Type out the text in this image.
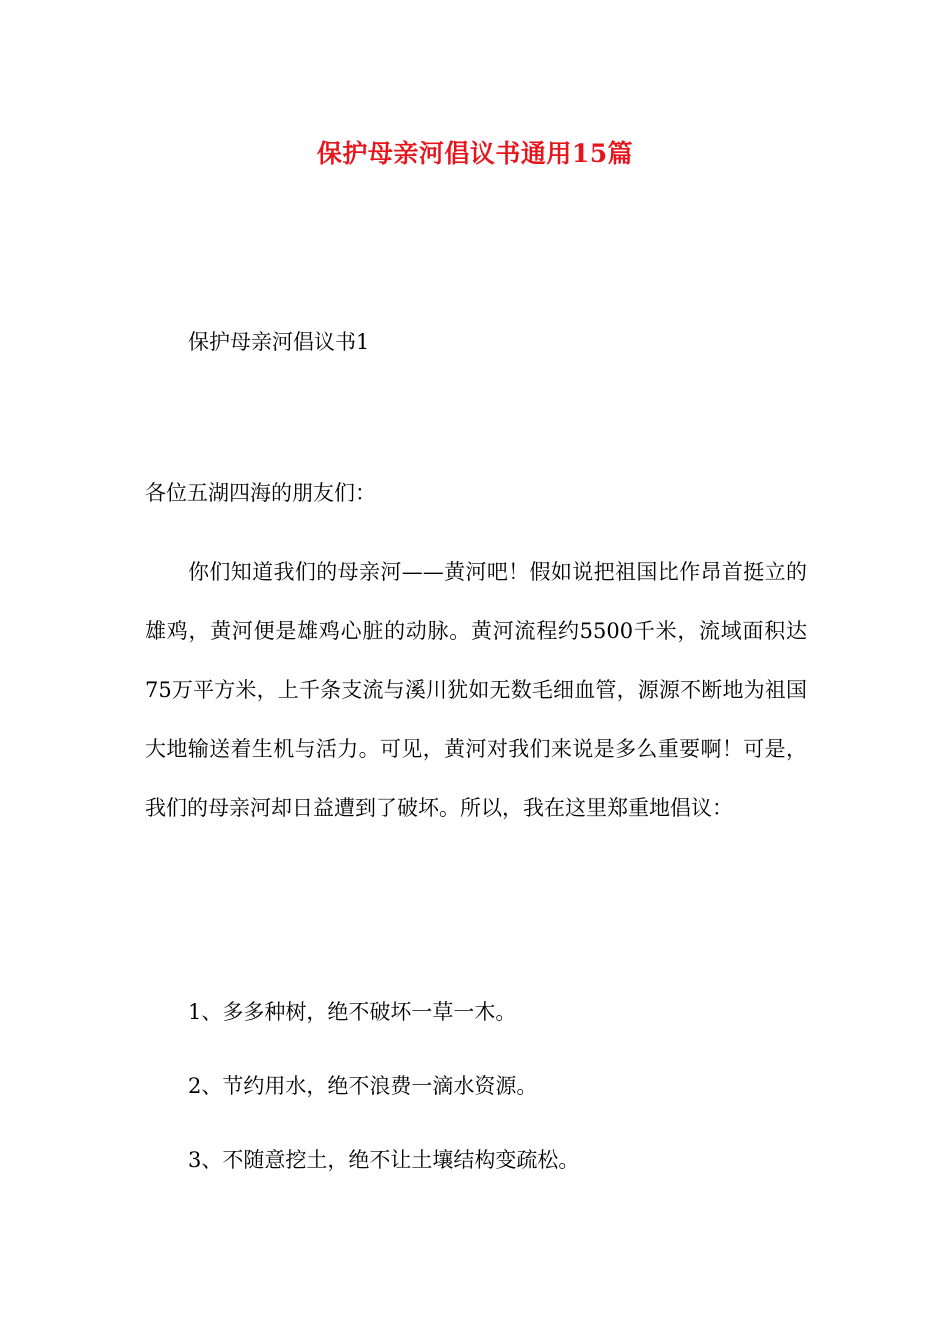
保护母亲河倡议书通用15篇
保护母亲河倡议书1
各位五湖四海的朋友们：
你们知道我们的母亲河——黄河吧！假如说把祖国比作昂首挺立的雄鸡，黄河便是雄鸡心脏的动脉。黄河流程约5500千米，流域面积达75万平方米，上千条支流与溪川犹如无数毛细血管，源源不断地为祖国大地输送着生机与活力。可见，黄河对我们来说是多么重要啊！可是，我们的母亲河却日益遭到了破坏。所以，我在这里郑重地倡议：
1、多多种树，绝不破坏一草一木。
2、节约用水，绝不浪费一滴水资源。
3、不随意挖土，绝不让土壤结构变疏松。
